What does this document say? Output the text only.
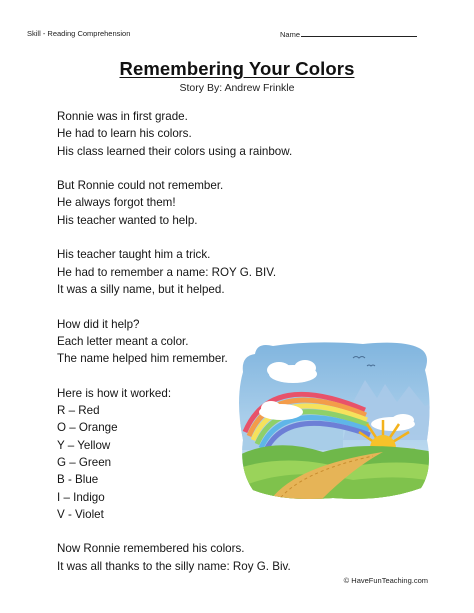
Skill - Reading Comprehension	Name
Remembering Your Colors
Story By: Andrew Frinkle

Ronnie was in first grade.
He had to learn his colors.
His class learned their colors using a rainbow.

But Ronnie could not remember.
He always forgot them!
His teacher wanted to help.

His teacher taught him a trick.
He had to remember a name: ROY G. BIV.
It was a silly name, but it helped.

How did it help?
Each letter meant a color.
The name helped him remember.

Here is how it worked:
R – Red
O – Orange
Y – Yellow
G – Green
B - Blue
I – Indigo
V - Violet

Now Ronnie remembered his colors.
It was all thanks to the silly name: Roy G. Biv.

© HaveFunTeaching.com
